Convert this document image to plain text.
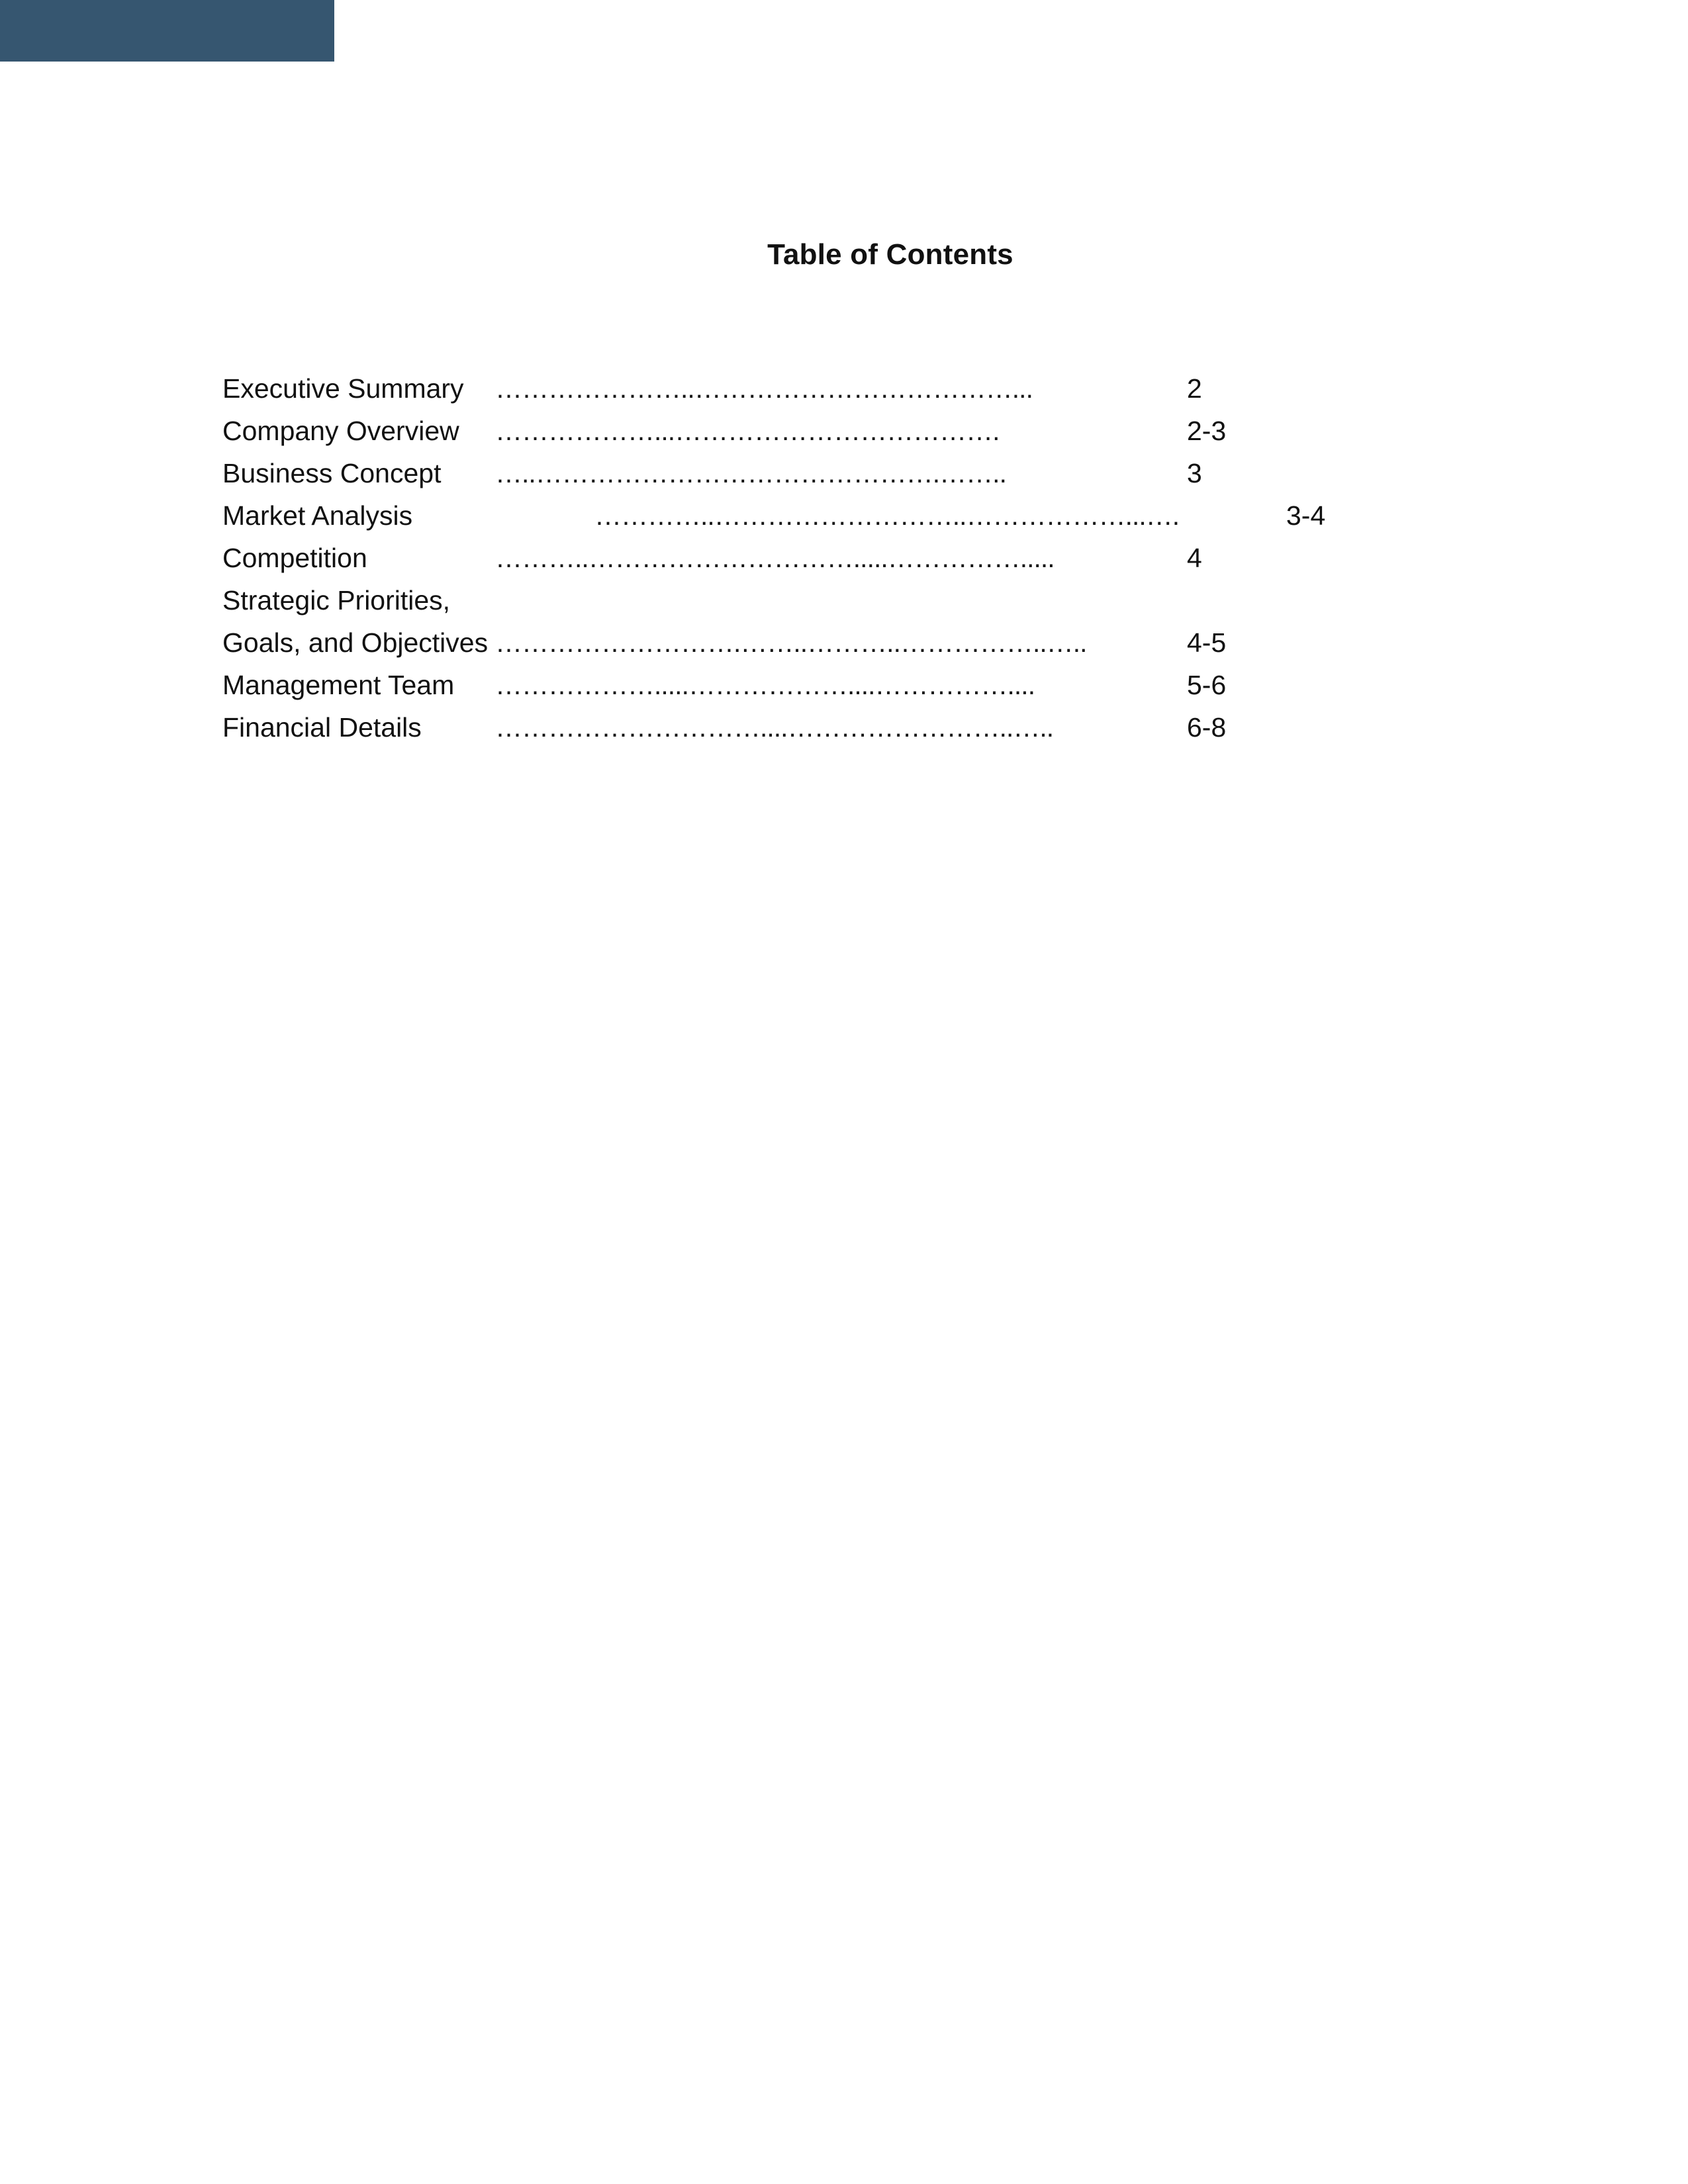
Table of Contents
Executive Summary …………………..………………………………...	2
Company Overview ………………...……………………………….	2-3
Business Concept …..……………………………………….……..	3
Market Analysis	…………..………………………..………………...….	3-4
Competition	………..………………………….....…………….....	4
Strategic Priorities,
Goals, and Objectives ……………………….……..………..……………..…..	4-5
Management Team ……………….....………………....……………....	5-6
Financial Details	…………………………....……………………..…..	6-8
